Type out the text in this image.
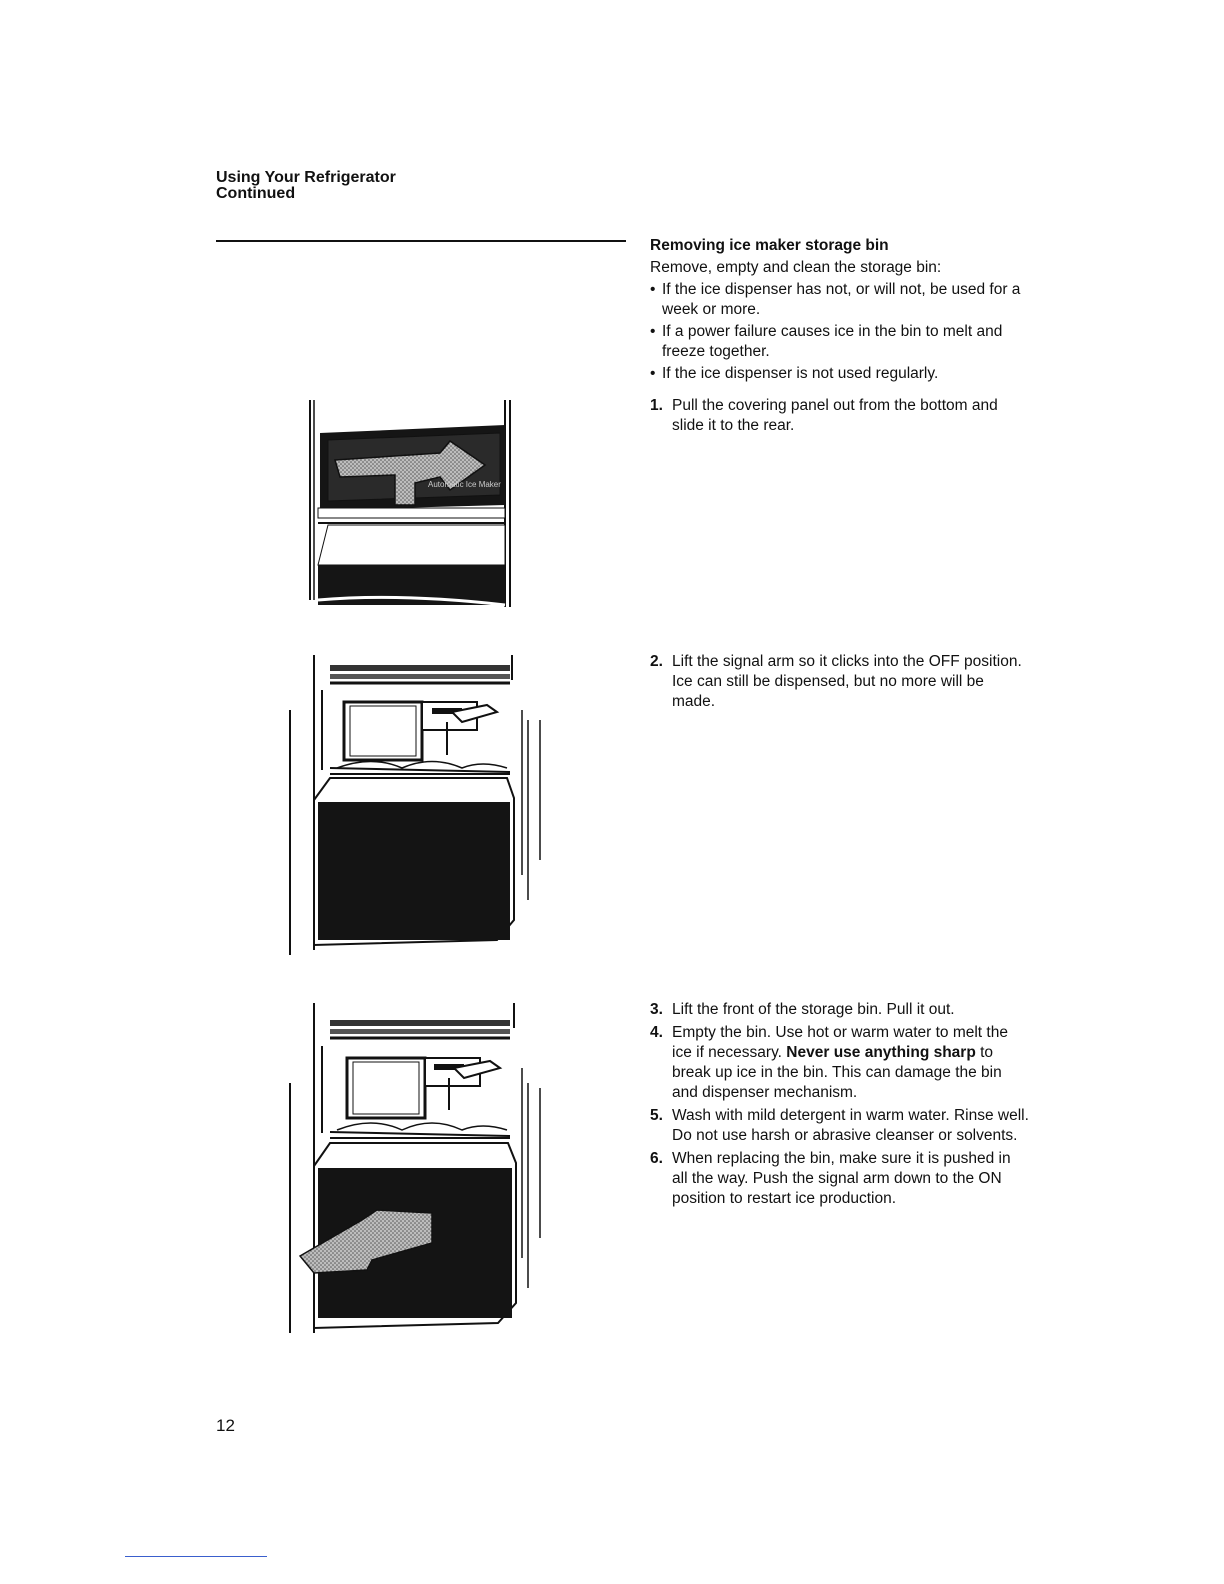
Using Your Refrigerator
Continued
Removing ice maker storage bin
Remove, empty and clean the storage bin:
• If the ice dispenser has not, or will not, be used for a week or more.
• If a power failure causes ice in the bin to melt and freeze together.
• If the ice dispenser is not used regularly.
1. Pull the covering panel out from the bottom and slide it to the rear.
2. Lift the signal arm so it clicks into the OFF position. Ice can still be dispensed, but no more will be made.
3. Lift the front of the storage bin. Pull it out.
4. Empty the bin. Use hot or warm water to melt the ice if necessary. Never use anything sharp to break up ice in the bin. This can damage the bin and dispenser mechanism.
5. Wash with mild detergent in warm water. Rinse well. Do not use harsh or abrasive cleanser or solvents.
6. When replacing the bin, make sure it is pushed in all the way. Push the signal arm down to the ON position to restart ice production.
Automatic Ice Maker
12
